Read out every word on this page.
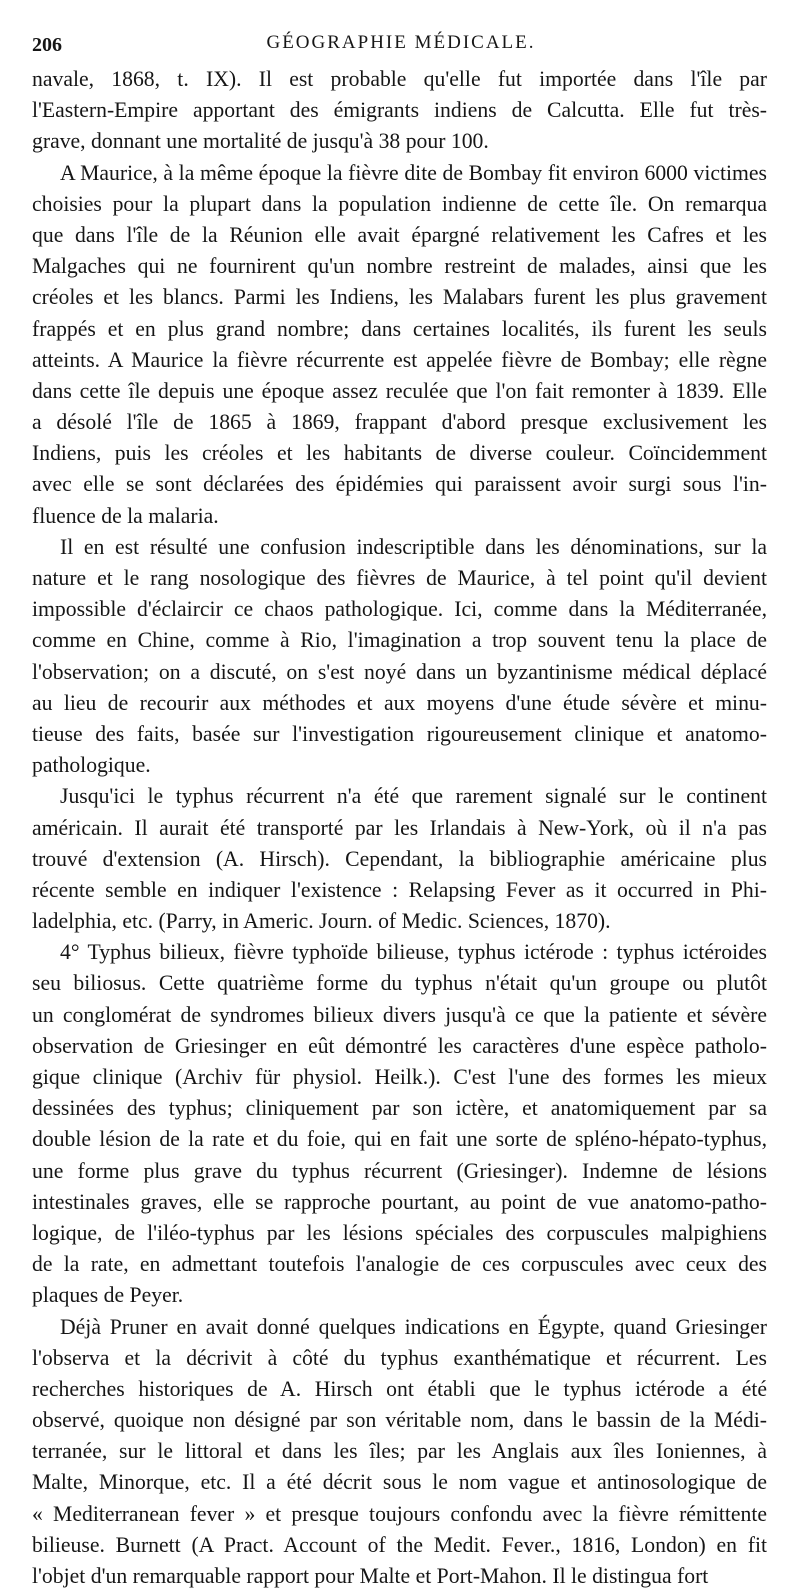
206	GÉOGRAPHIE MÉDICALE.
navale, 1868, t. IX). Il est probable qu'elle fut importée dans l'île par
l'Eastern-Empire apportant des émigrants indiens de Calcutta. Elle fut très-
grave, donnant une mortalité de jusqu'à 38 pour 100.
A Maurice, à la même époque la fièvre dite de Bombay fit environ 6000 victimes
choisies pour la plupart dans la population indienne de cette île. On remarqua
que dans l'île de la Réunion elle avait épargné relativement les Cafres et les
Malgaches qui ne fournirent qu'un nombre restreint de malades, ainsi que les
créoles et les blancs. Parmi les Indiens, les Malabars furent les plus gravement
frappés et en plus grand nombre; dans certaines localités, ils furent les seuls
atteints. A Maurice la fièvre récurrente est appelée fièvre de Bombay; elle règne
dans cette île depuis une époque assez reculée que l'on fait remonter à 1839. Elle
a désolé l'île de 1865 à 1869, frappant d'abord presque exclusivement les
Indiens, puis les créoles et les habitants de diverse couleur. Coïncidemment
avec elle se sont déclarées des épidémies qui paraissent avoir surgi sous l'in-
fluence de la malaria.
Il en est résulté une confusion indescriptible dans les dénominations, sur la
nature et le rang nosologique des fièvres de Maurice, à tel point qu'il devient
impossible d'éclaircir ce chaos pathologique. Ici, comme dans la Méditerranée,
comme en Chine, comme à Rio, l'imagination a trop souvent tenu la place de
l'observation; on a discuté, on s'est noyé dans un byzantinisme médical déplacé
au lieu de recourir aux méthodes et aux moyens d'une étude sévère et minu-
tieuse des faits, basée sur l'investigation rigoureusement clinique et anatomo-
pathologique.
Jusqu'ici le typhus récurrent n'a été que rarement signalé sur le continent
américain. Il aurait été transporté par les Irlandais à New-York, où il n'a pas
trouvé d'extension (A. Hirsch). Cependant, la bibliographie américaine plus
récente semble en indiquer l'existence : Relapsing Fever as it occurred in Phi-
ladelphia, etc. (Parry, in Americ. Journ. of Medic. Sciences, 1870).
4° Typhus bilieux, fièvre typhoïde bilieuse, typhus ictérode : typhus ictéroides
seu biliosus. Cette quatrième forme du typhus n'était qu'un groupe ou plutôt
un conglomérat de syndromes bilieux divers jusqu'à ce que la patiente et sévère
observation de Griesinger en eût démontré les caractères d'une espèce patholo-
gique clinique (Archiv für physiol. Heilk.). C'est l'une des formes les mieux
dessinées des typhus; cliniquement par son ictère, et anatomiquement par sa
double lésion de la rate et du foie, qui en fait une sorte de spléno-hépato-typhus,
une forme plus grave du typhus récurrent (Griesinger). Indemne de lésions
intestinales graves, elle se rapproche pourtant, au point de vue anatomo-patho-
logique, de l'iléo-typhus par les lésions spéciales des corpuscules malpighiens
de la rate, en admettant toutefois l'analogie de ces corpuscules avec ceux des
plaques de Peyer.
Déjà Pruner en avait donné quelques indications en Égypte, quand Griesinger
l'observa et la décrivit à côté du typhus exanthématique et récurrent. Les
recherches historiques de A. Hirsch ont établi que le typhus ictérode a été
observé, quoique non désigné par son véritable nom, dans le bassin de la Médi-
terranée, sur le littoral et dans les îles; par les Anglais aux îles Ioniennes, à
Malte, Minorque, etc. Il a été décrit sous le nom vague et antinosologique de
« Mediterranean fever » et presque toujours confondu avec la fièvre rémittente
bilieuse. Burnett (A Pract. Account of the Medit. Fever., 1816, London) en fit
l'objet d'un remarquable rapport pour Malte et Port-Mahon. Il le distingua fort
